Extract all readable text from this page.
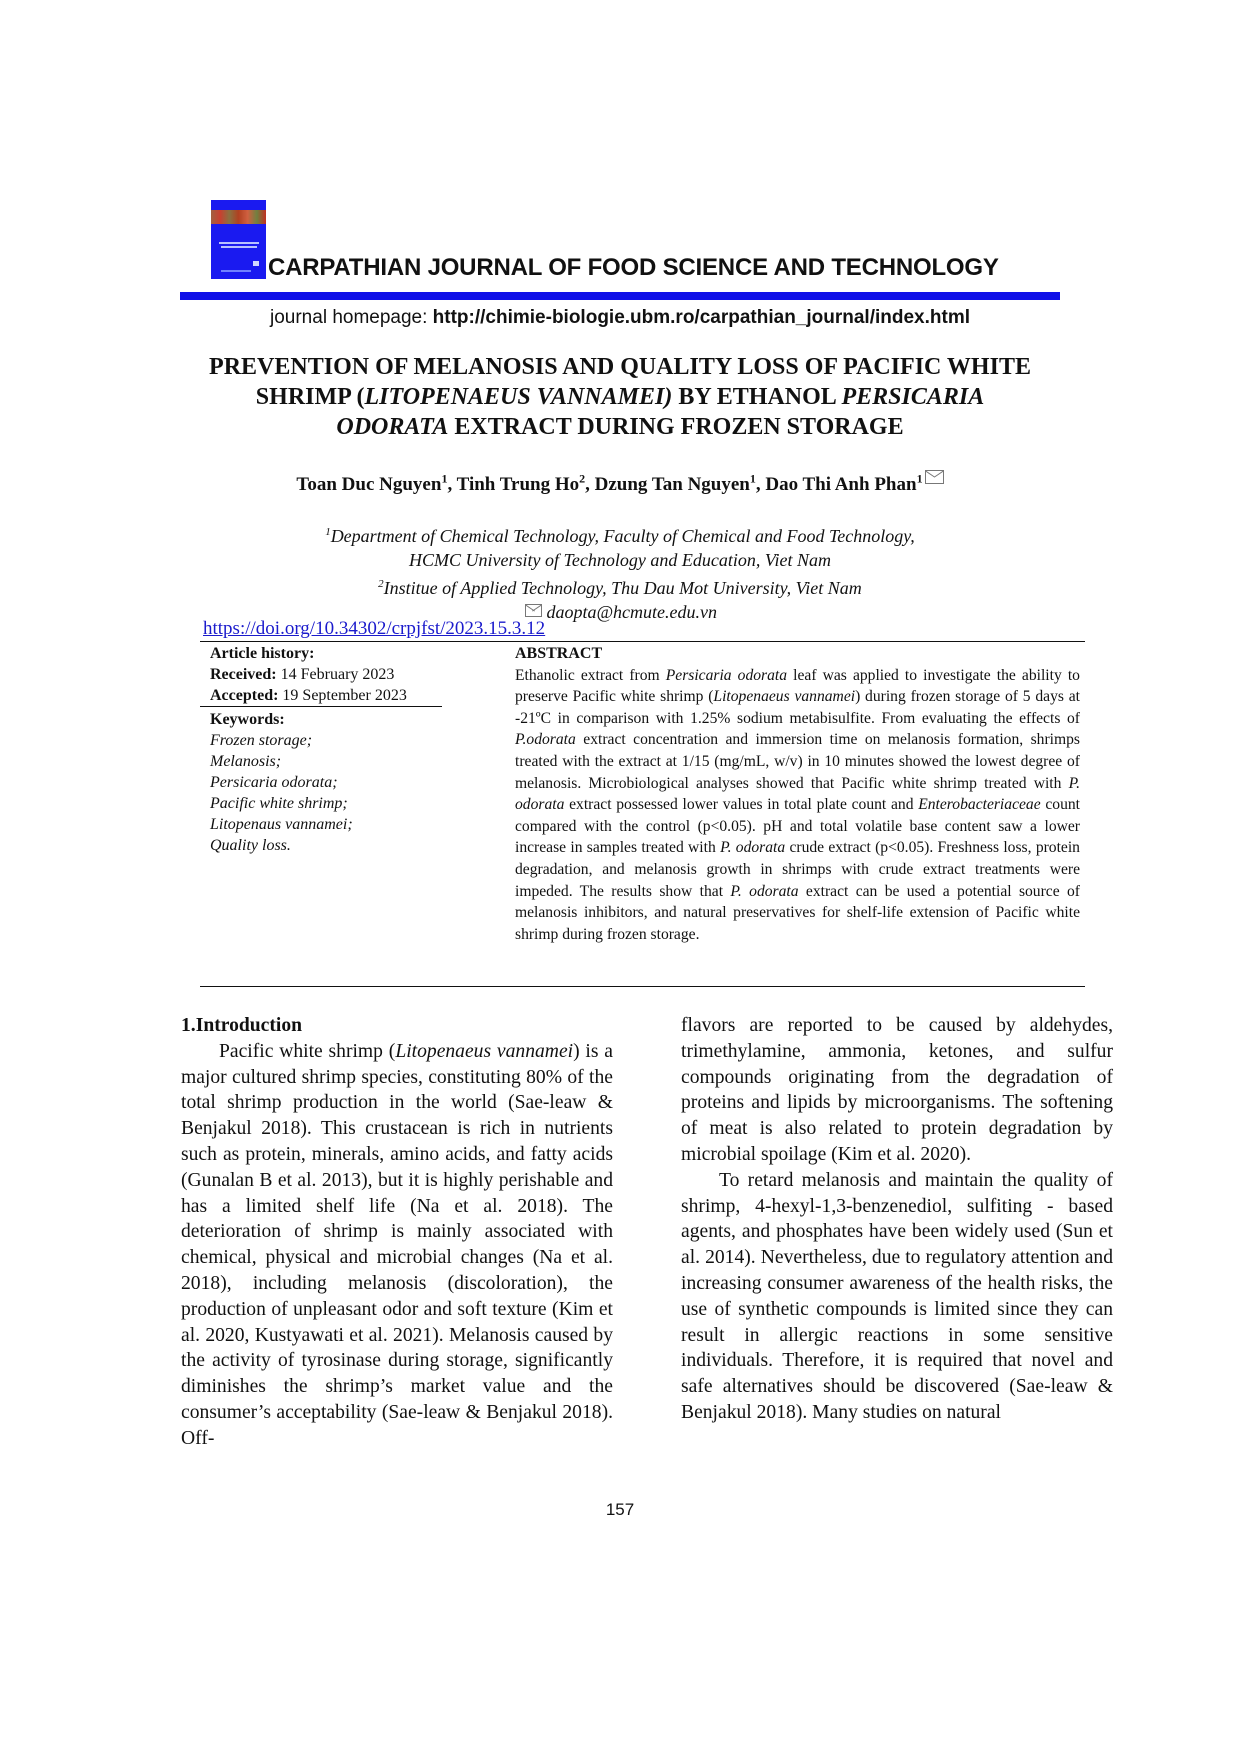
CARPATHIAN JOURNAL OF FOOD SCIENCE AND TECHNOLOGY
journal homepage: http://chimie-biologie.ubm.ro/carpathian_journal/index.html
PREVENTION OF MELANOSIS AND QUALITY LOSS OF PACIFIC WHITE
SHRIMP (LITOPENAEUS VANNAMEI) BY ETHANOL PERSICARIA
ODORATA EXTRACT DURING FROZEN STORAGE
Toan Duc Nguyen$^1$, Tinh Trung Ho$^2$, Dzung Tan Nguyen$^1$, Dao Thi Anh Phan$^1$
$^1$Department of Chemical Technology, Faculty of Chemical and Food Technology,
HCMC University of Technology and Education, Viet Nam
$^2$Institue of Applied Technology, Thu Dau Mot University, Viet Nam
daopta@hcmute.edu.vn
https://doi.org/10.34302/crpjfst/2023.15.3.12
Article history:
Received: 14 February 2023
Accepted: 19 September 2023
Keywords:
Frozen storage;
Melanosis;
Persicaria odorata;
Pacific white shrimp;
Litopenaus vannamei;
Quality loss.
ABSTRACT

Ethanolic extract from Persicaria odorata leaf was applied to investigate the ability to preserve Pacific white shrimp (Litopenaeus vannamei) during frozen storage of 5 days at -21ºC in comparison with 1.25% sodium metabisulfite. From evaluating the effects of P.odorata extract concentration and immersion time on melanosis formation, shrimps treated with the extract at 1/15 (mg/mL, w/v) in 10 minutes showed the lowest degree of melanosis. Microbiological analyses showed that Pacific white shrimp treated with P. odorata extract possessed lower values in total plate count and Enterobacteriaceae count compared with the control (p<0.05). pH and total volatile base content saw a lower increase in samples treated with P. odorata crude extract (p<0.05). Freshness loss, protein degradation, and melanosis growth in shrimps with crude extract treatments were impeded. The results show that P. odorata extract can be used a potential source of melanosis inhibitors, and natural preservatives for shelf-life extension of Pacific white shrimp during frozen storage.

1.Introduction

Pacific white shrimp (Litopenaeus vannamei) is a major cultured shrimp species, constituting 80% of the total shrimp production in the world (Sae-leaw & Benjakul 2018). This crustacean is rich in nutrients such as protein, minerals, amino acids, and fatty acids (Gunalan B et al. 2013), but it is highly perishable and has a limited shelf life (Na et al. 2018). The deterioration of shrimp is mainly associated with chemical, physical and microbial changes (Na et al. 2018), including melanosis (discoloration), the production of unpleasant odor and soft texture (Kim et al. 2020, Kustyawati et al. 2021). Melanosis caused by the activity of tyrosinase during storage, significantly diminishes the shrimp’s market value and the consumer’s acceptability (Sae-leaw & Benjakul 2018). Off-

flavors are reported to be caused by aldehydes, trimethylamine, ammonia, ketones, and sulfur compounds originating from the degradation of proteins and lipids by microorganisms. The softening of meat is also related to protein degradation by microbial spoilage (Kim et al. 2020).

To retard melanosis and maintain the quality of shrimp, 4-hexyl-1,3-benzenediol, sulfiting - based agents, and phosphates have been widely used (Sun et al. 2014). Nevertheless, due to regulatory attention and increasing consumer awareness of the health risks, the use of synthetic compounds is limited since they can result in allergic reactions in some sensitive individuals. Therefore, it is required that novel and safe alternatives should be discovered (Sae-leaw & Benjakul 2018). Many studies on natural

157
